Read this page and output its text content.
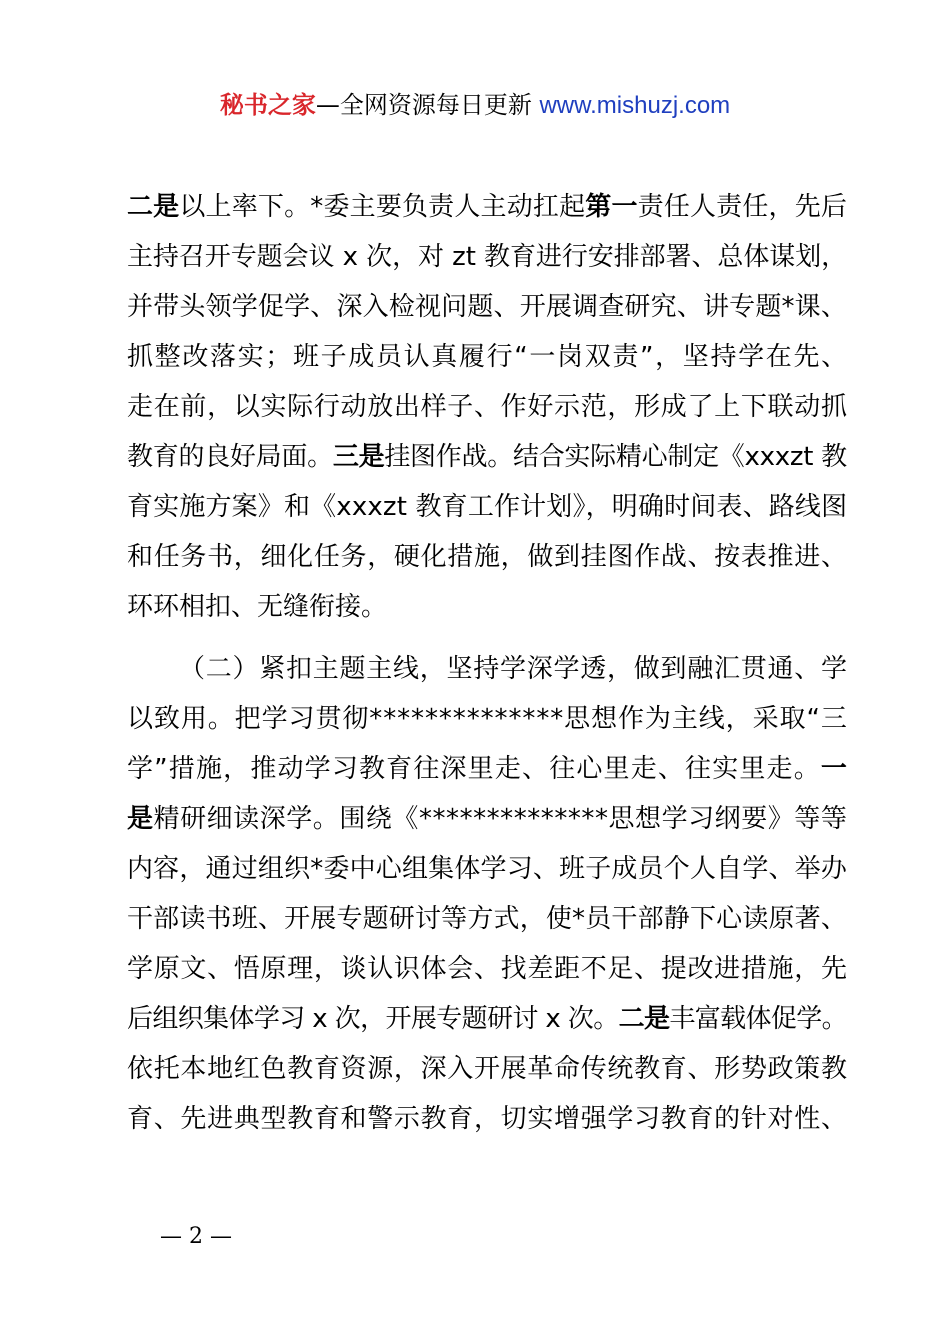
秘书之家—全网资源每日更新 www.mishuzj.com
二是以上率下。*委主要负责人主动扛起第一责任人责任，先后
主持召开专题会议 x 次，对 zt 教育进行安排部署、总体谋划，
并带头领学促学、深入检视问题、开展调查研究、讲专题*课、
抓整改落实；班子成员认真履行“一岗双责”，坚持学在先、
走在前，以实际行动放出样子、作好示范，形成了上下联动抓
教育的良好局面。三是挂图作战。结合实际精心制定《xxxzt 教
育实施方案》和《xxxzt 教育工作计划》，明确时间表、路线图
和任务书，细化任务，硬化措施，做到挂图作战、按表推进、
环环相扣、无缝衔接。
（二）紧扣主题主线，坚持学深学透，做到融汇贯通、学
以致用。把学习贯彻**************思想作为主线，采取“三
学”措施，推动学习教育往深里走、往心里走、往实里走。一
是精研细读深学。围绕《**************思想学习纲要》等等
内容，通过组织*委中心组集体学习、班子成员个人自学、举办
干部读书班、开展专题研讨等方式，使*员干部静下心读原著、
学原文、悟原理，谈认识体会、找差距不足、提改进措施，先
后组织集体学习 x 次，开展专题研讨 x 次。二是丰富载体促学。
依托本地红色教育资源，深入开展革命传统教育、形势政策教
育、先进典型教育和警示教育，切实增强学习教育的针对性、
— 2 —
